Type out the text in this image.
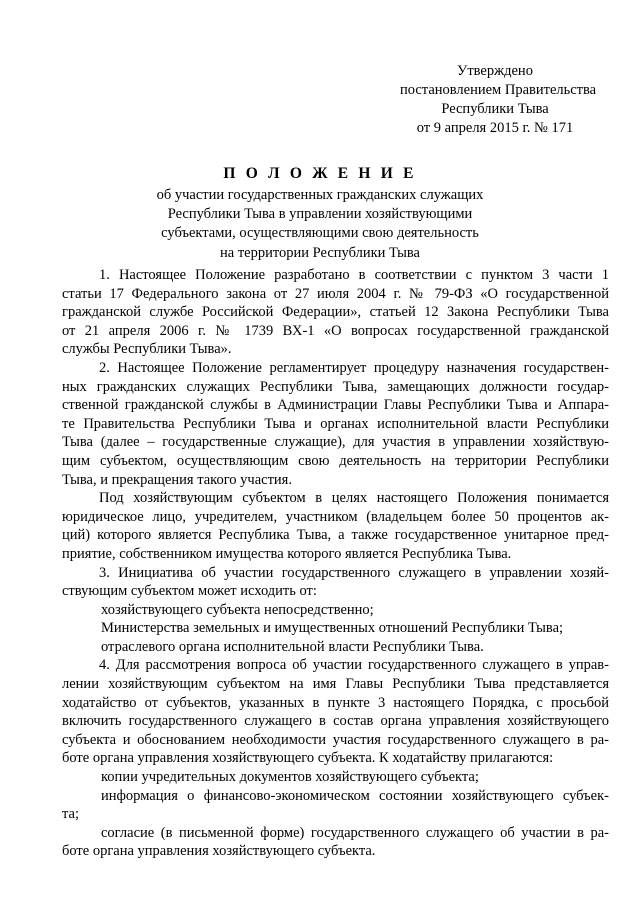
Утверждено
постановлением Правительства
Республики Тыва
от 9 апреля 2015 г. № 171
П О Л О Ж Е Н И Е
об участии государственных гражданских служащих
Республики Тыва в управлении хозяйствующими
субъектами, осуществляющими свою деятельность
на территории Республики Тыва
1. Настоящее Положение разработано в соответствии с пунктом 3 части 1
статьи 17 Федерального закона от 27 июля 2004 г. № 79-ФЗ «О государственной
гражданской службе Российской Федерации», статьей 12 Закона Республики Тыва
от 21 апреля 2006 г. № 1739 ВХ-1 «О вопросах государственной гражданской
службы Республики Тыва».
2. Настоящее Положение регламентирует процедуру назначения государствен-
ных гражданских служащих Республики Тыва, замещающих должности государ-
ственной гражданской службы в Администрации Главы Республики Тыва и Аппара-
те Правительства Республики Тыва и органах исполнительной власти Республики
Тыва (далее – государственные служащие), для участия в управлении хозяйствую-
щим субъектом, осуществляющим свою деятельность на территории Республики
Тыва, и прекращения такого участия.
Под хозяйствующим субъектом в целях настоящего Положения понимается
юридическое лицо, учредителем, участником (владельцем более 50 процентов ак-
ций) которого является Республика Тыва, а также государственное унитарное пред-
приятие, собственником имущества которого является Республика Тыва.
3. Инициатива об участии государственного служащего в управлении хозяй-
ствующим субъектом может исходить от:
хозяйствующего субъекта непосредственно;
Министерства земельных и имущественных отношений Республики Тыва;
отраслевого органа исполнительной власти Республики Тыва.
4. Для рассмотрения вопроса об участии государственного служащего в управ-
лении хозяйствующим субъектом на имя Главы Республики Тыва представляется
ходатайство от субъектов, указанных в пункте 3 настоящего Порядка, с просьбой
включить государственного служащего в состав органа управления хозяйствующего
субъекта и обоснованием необходимости участия государственного служащего в ра-
боте органа управления хозяйствующего субъекта. К ходатайству прилагаются:
копии учредительных документов хозяйствующего субъекта;
информация о финансово-экономическом состоянии хозяйствующего субъек-
та;
согласие (в письменной форме) государственного служащего об участии в ра-
боте органа управления хозяйствующего субъекта.
